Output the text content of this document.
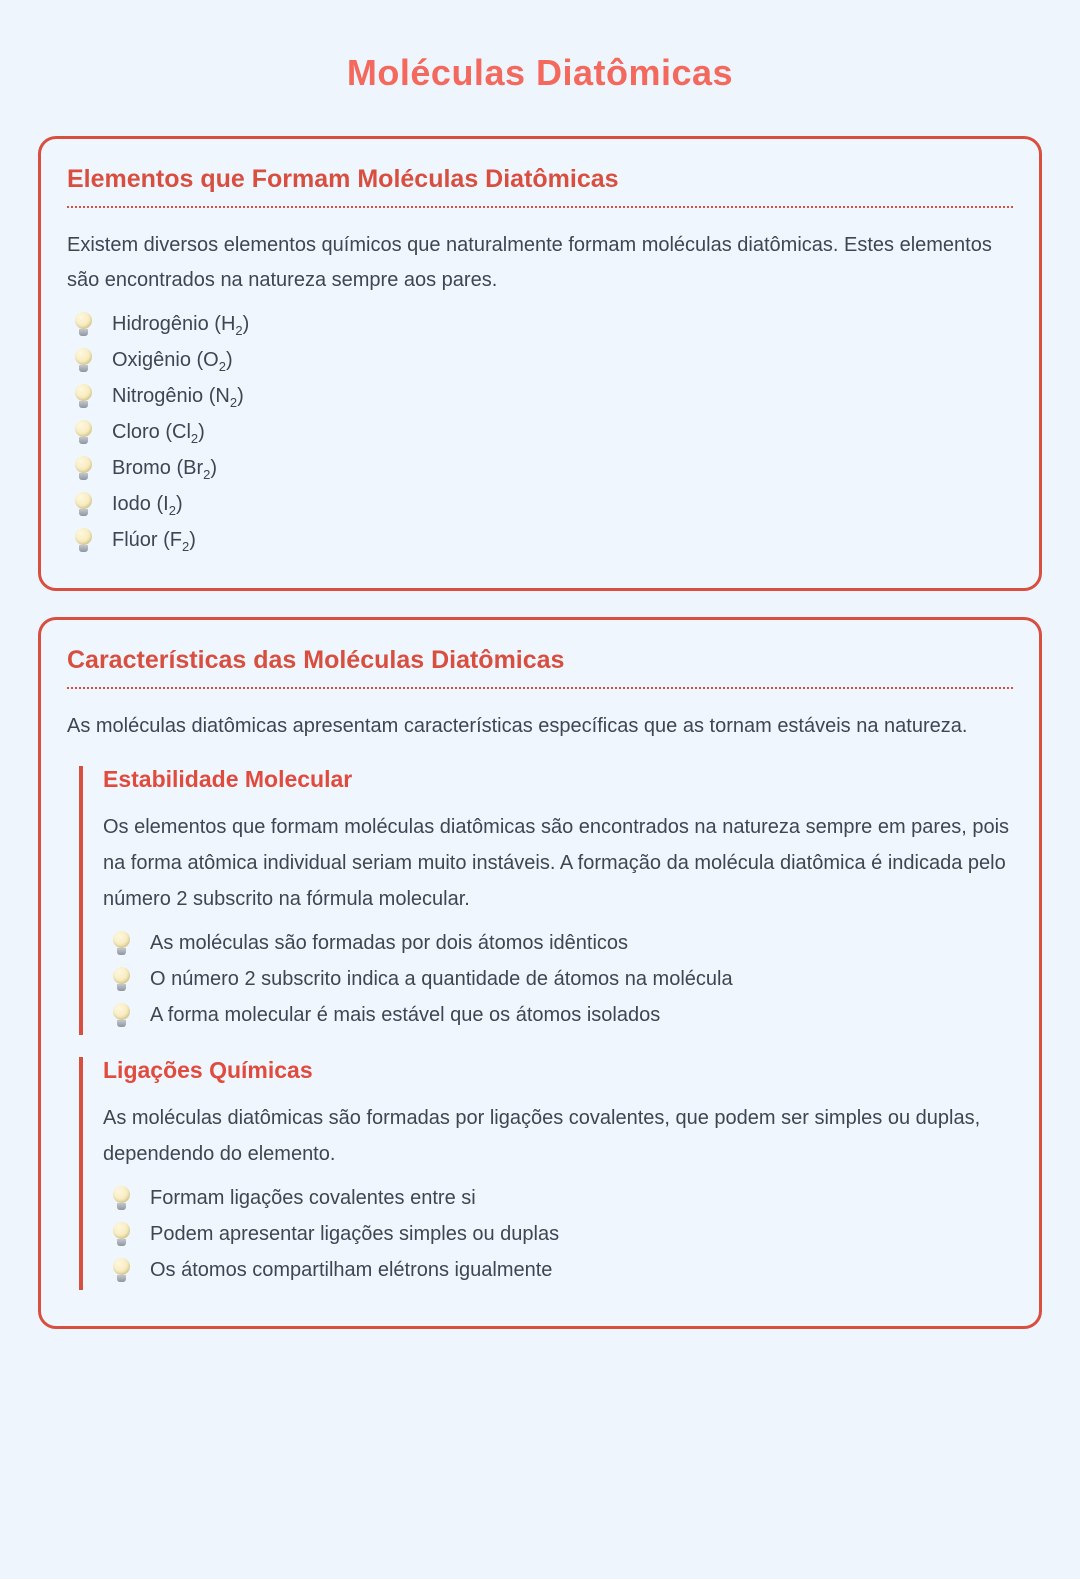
Moléculas Diatômicas
Elementos que Formam Moléculas Diatômicas

Existem diversos elementos químicos que naturalmente formam moléculas diatômicas. Estes elementos são encontrados na natureza sempre aos pares.

Hidrogênio $(H_2)$
Oxigênio $(O_2)$
Nitrogênio $(N_2)$
Cloro $(Cl_2)$
Bromo $(Br_2)$
Iodo $(I_2)$
Flúor $(F_2)$
Características das Moléculas Diatômicas

As moléculas diatômicas apresentam características específicas que as tornam estáveis na natureza.

Estabilidade Molecular

Os elementos que formam moléculas diatômicas são encontrados na natureza sempre em pares, pois na forma atômica individual seriam muito instáveis. A formação da molécula diatômica é indicada pelo número 2 subscrito na fórmula molecular.

As moléculas são formadas por dois átomos idênticos
O número 2 subscrito indica a quantidade de átomos na molécula
A forma molecular é mais estável que os átomos isolados
Ligações Químicas

As moléculas diatômicas são formadas por ligações covalentes, que podem ser simples ou duplas, dependendo do elemento.

Formam ligações covalentes entre si
Podem apresentar ligações simples ou duplas
Os átomos compartilham elétrons igualmente
